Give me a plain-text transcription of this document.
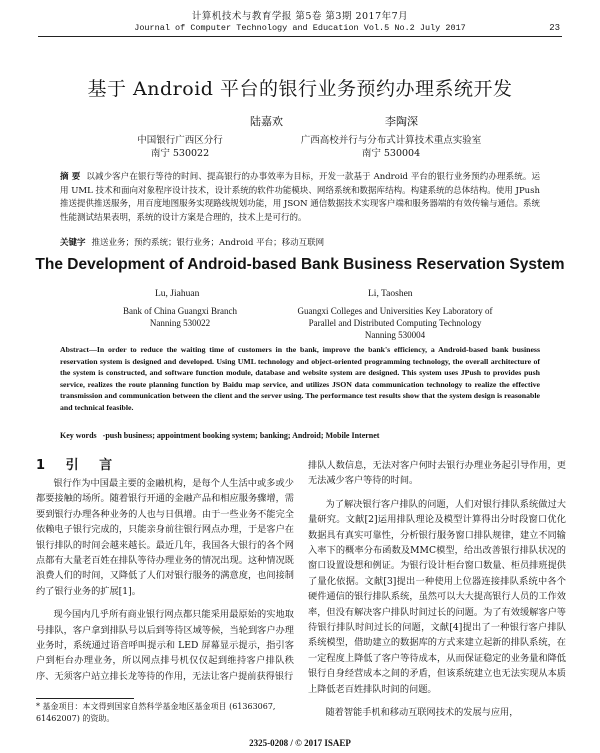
计算机技术与教育学报 第5卷 第3期 2017年7月
Journal of Computer Technology and Education Vol.5 No.2 July 2017	23
基于 Android 平台的银行业务预约办理系统开发
陆嘉欢	李陶深
中国银行广西区分行
南宁 530022
广西高校并行与分布式计算技术重点实验室
南宁 530004
摘 要 以减少客户在银行等待的时间、提高银行的办事效率为目标，开发一款基于 Android 平台的银行业务预约办理系统。运用 UML 技术和面向对象程序设计技术，设计系统的软件功能模块、网络系统和数据库结构。构建系统的总体结构。使用 JPush 推送提供推送服务，用百度地图服务实现路线规划功能，用 JSON 通信数据技术实现客户端和服务器端的有效传输与通信。系统性能测试结果表明，系统的设计方案是合理的，技术上是可行的。
关键字 推送业务；预约系统；银行业务；Android 平台；移动互联网
The Development of Android-based Bank Business Reservation System
Lu, Jiahuan	Li, Taoshen
Bank of China Guangxi Branch
Nanning 530022
Guangxi Colleges and Universities Key Laboratory of
Parallel and Distributed Computing Technology
Nanning 530004
Abstract—In order to reduce the waiting time of customers in the bank, improve the bank's efficiency, a Android-based bank business reservation system is designed and developed. Using UML technology and object-oriented programming technology, the overall architecture of the system is constructed, and software function module, database and website system are designed. This system uses JPush to provides push service, realizes the route planning function by Baidu map service, and utilizes JSON data communication technology to realize the effective transmission and communication between the client and the server using. The performance test results show that the system design is reasonable and technical feasible.
Key words -push business; appointment booking system; banking; Android; Mobile Internet
1 引 言

银行作为中国最主要的金融机构，是每个人生活中或多或少都要接触的场所。随着银行开通的金融产品和相应服务骤增，需要到银行办理各种业务的人也与日俱增。由于一些业务不能完全依赖电子银行完成的，只能亲身前往银行网点办理，于是客户在银行排队的时间会越来越长。最近几年，我国各大银行的各个网点都有大量老百姓在排队等待办理业务的情况出现。这种情况既浪费人们的时间，又降低了人们对银行服务的满意度，也间接制约了银行业务的扩展[1]。

现今国内几乎所有商业银行网点都只能采用最原始的实地取号排队，客户拿到排队号以后到等待区域等候，当轮到客户办理业务时，系统通过语音呼叫提示和 LED 屏幕显示提示，指引客户到柜台办理业务，所以网点排号机仅仅起到维持客户排队秩序、无须客户站立排长龙等待的作用，无法让客户提前获得银行

排队人数信息，无法对客户何时去银行办理业务起引导作用，更无法减少客户等待的时间。

为了解决银行客户排队的问题，人们对银行排队系统做过大量研究。文献[2]运用排队理论及模型计算得出分时段窗口优化数据具有真实可靠性，分析银行服务窗口排队规律，建立不同输入率下的概率分布函数及MMC模型，给出改善银行排队状况的窗口设置设想和例证。为银行设计柜台窗口数量、柜员排班提供了量化依据。文献[3]提出一种使用上位器连接排队系统中各个硬件通信的银行排队系统，虽然可以大大提高银行人员的工作效率，但没有解决客户排队时间过长的问题。为了有效缓解客户等待银行排队时间过长的问题，文献[4]提出了一种银行客户排队系统模型，借助建立的数据库的方式来建立起新的排队系统，在一定程度上降低了客户等待成本，从而保证稳定的业务量和降低银行自身经营成本之间的矛盾，但该系统建立也无法实现从本质上降低老百姓排队时间的问题。

随着智能手机和移动互联网技术的发展与应用，

* 基金项目：本文得到国家自然科学基金地区基金项目 (61363067, 61462007) 的资助。
2325-0208 / © 2017 ISAEP
